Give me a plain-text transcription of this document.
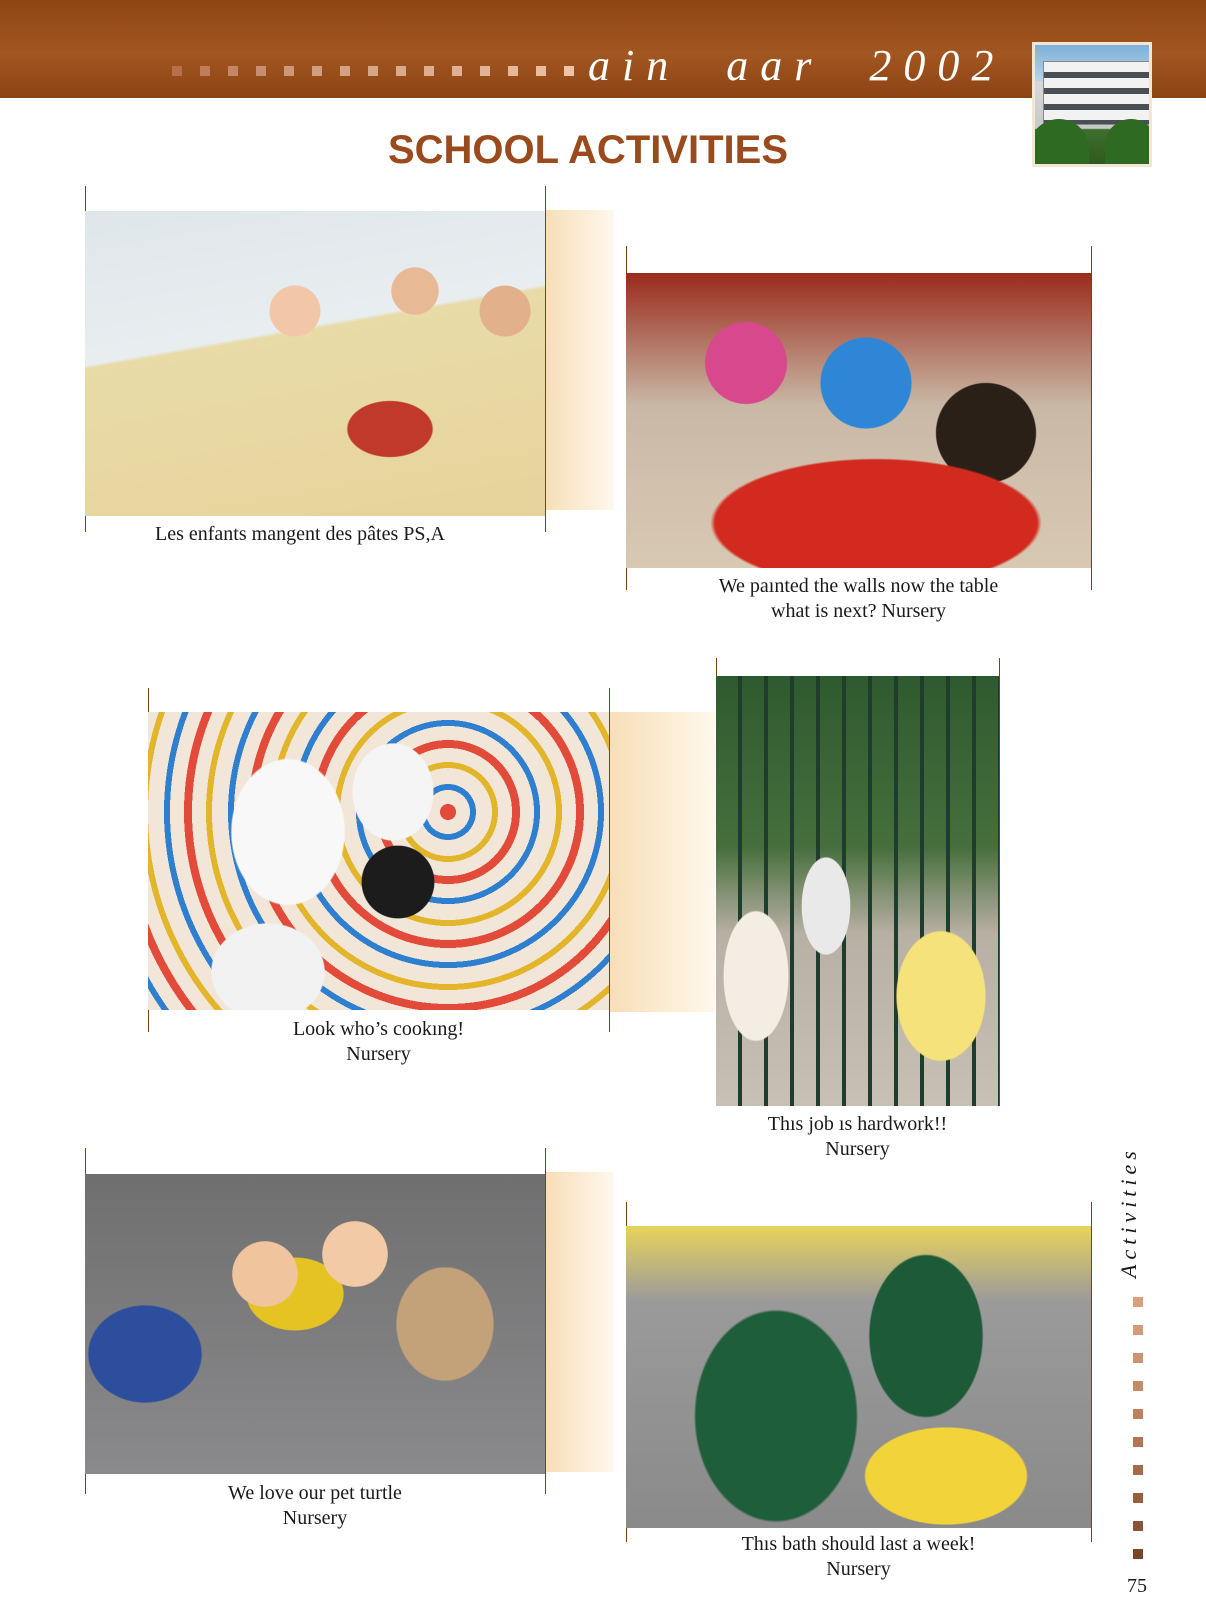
ain  aar  2002
SCHOOL ACTIVITIES
Les enfants mangent des pâtes PS,A
We paınted the walls now the table
what is next? Nursery
Look who’s cookıng!
Nursery
Thıs job ıs hardwork!!
Nursery
We love our pet turtle
Nursery
Thıs bath should last a week!
Nursery
Activities
75
